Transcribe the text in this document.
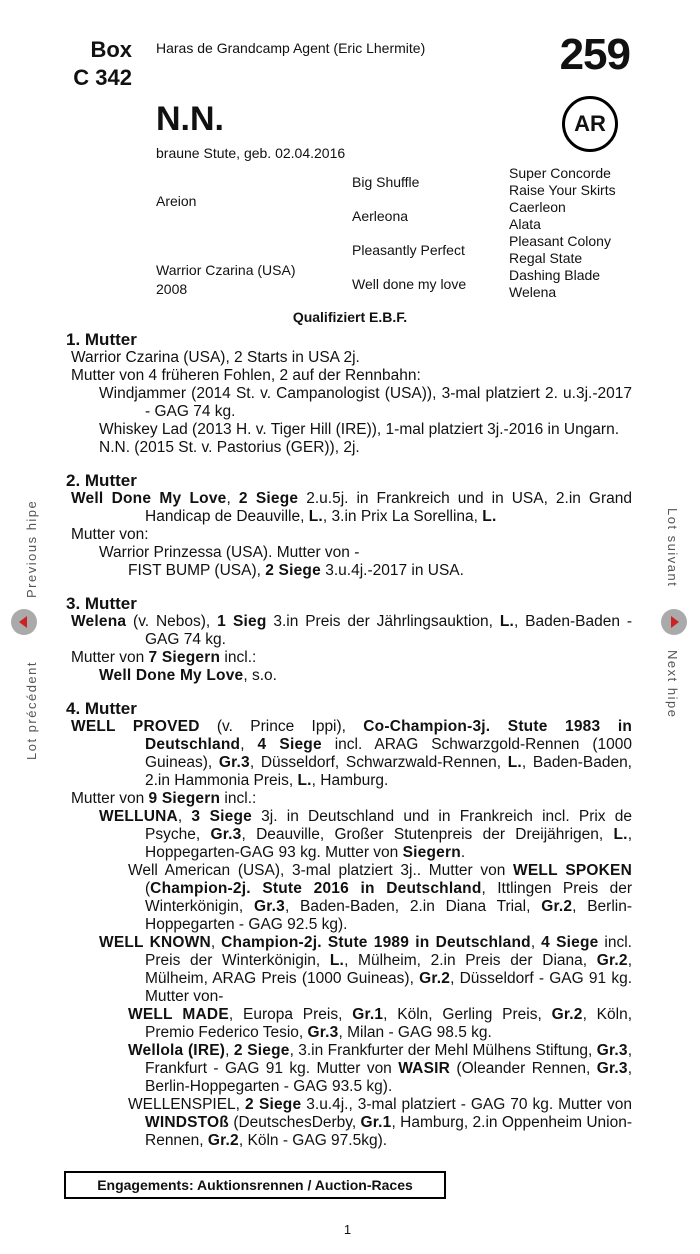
Box
C 342
Haras de Grandcamp Agent (Eric Lhermite)	259
AR
N.N.
braune Stute, geb. 02.04.2016
Areion
Warrior Czarina (USA)
2008
Big Shuffle
Aerleona
Pleasantly Perfect
Well done my love
Super Concorde
Raise Your Skirts
Caerleon
Alata
Pleasant Colony
Regal State
Dashing Blade
Welena
Qualifiziert E.B.F.
1. Mutter
Warrior Czarina (USA), 2 Starts in USA 2j.
Mutter von 4 früheren Fohlen, 2 auf der Rennbahn:
Windjammer (2014 St. v. Campanologist (USA)), 3-mal platziert 2. u.3j.-2017 - GAG 74 kg.
Whiskey Lad (2013 H. v. Tiger Hill (IRE)), 1-mal platziert 3j.-2016 in Ungarn.
N.N. (2015 St. v. Pastorius (GER)), 2j.
2. Mutter
Well Done My Love, 2 Siege 2.u.5j. in Frankreich und in USA, 2.in Grand Handicap de Deauville, L., 3.in Prix La Sorellina, L.
Mutter von:
Warrior Prinzessa (USA). Mutter von -
FIST BUMP (USA), 2 Siege 3.u.4j.-2017 in USA.
3. Mutter
Welena (v. Nebos), 1 Sieg 3.in Preis der Jährlingsauktion, L., Baden-Baden - GAG 74 kg.
Mutter von 7 Siegern incl.:
Well Done My Love, s.o.
4. Mutter
WELL PROVED (v. Prince Ippi), Co-Champion-3j. Stute 1983 in Deutschland, 4 Siege incl. ARAG Schwarzgold-Rennen (1000 Guineas), Gr.3, Düsseldorf, Schwarzwald-Rennen, L., Baden-Baden, 2.in Hammonia Preis, L., Hamburg.
Mutter von 9 Siegern incl.:
WELLUNA, 3 Siege 3j. in Deutschland und in Frankreich incl. Prix de Psyche, Gr.3, Deauville, Großer Stutenpreis der Dreijährigen, L., Hoppegarten-GAG 93 kg. Mutter von Siegern.
Well American (USA), 3-mal platziert 3j.. Mutter von WELL SPOKEN (Champion-2j. Stute 2016 in Deutschland, Ittlingen Preis der Winterkönigin, Gr.3, Baden-Baden, 2.in Diana Trial, Gr.2, Berlin-Hoppegarten - GAG 92.5 kg).
WELL KNOWN, Champion-2j. Stute 1989 in Deutschland, 4 Siege incl. Preis der Winterkönigin, L., Mülheim, 2.in Preis der Diana, Gr.2, Mülheim, ARAG Preis (1000 Guineas), Gr.2, Düsseldorf - GAG 91 kg. Mutter von-
WELL MADE, Europa Preis, Gr.1, Köln, Gerling Preis, Gr.2, Köln, Premio Federico Tesio, Gr.3, Milan - GAG 98.5 kg.
Wellola (IRE), 2 Siege, 3.in Frankfurter der Mehl Mülhens Stiftung, Gr.3, Frankfurt - GAG 91 kg. Mutter von WASIR (Oleander Rennen, Gr.3, Berlin-Hoppegarten - GAG 93.5 kg).
WELLENSPIEL, 2 Siege 3.u.4j., 3-mal platziert - GAG 70 kg. Mutter von WINDSTOß (DeutschesDerby, Gr.1, Hamburg, 2.in Oppenheim Union-Rennen, Gr.2, Köln - GAG 97.5kg).
Lot précédent
Previous hipe	Lot suivant
Next hipe
Engagements: Auktionsrennen / Auction-Races
1
